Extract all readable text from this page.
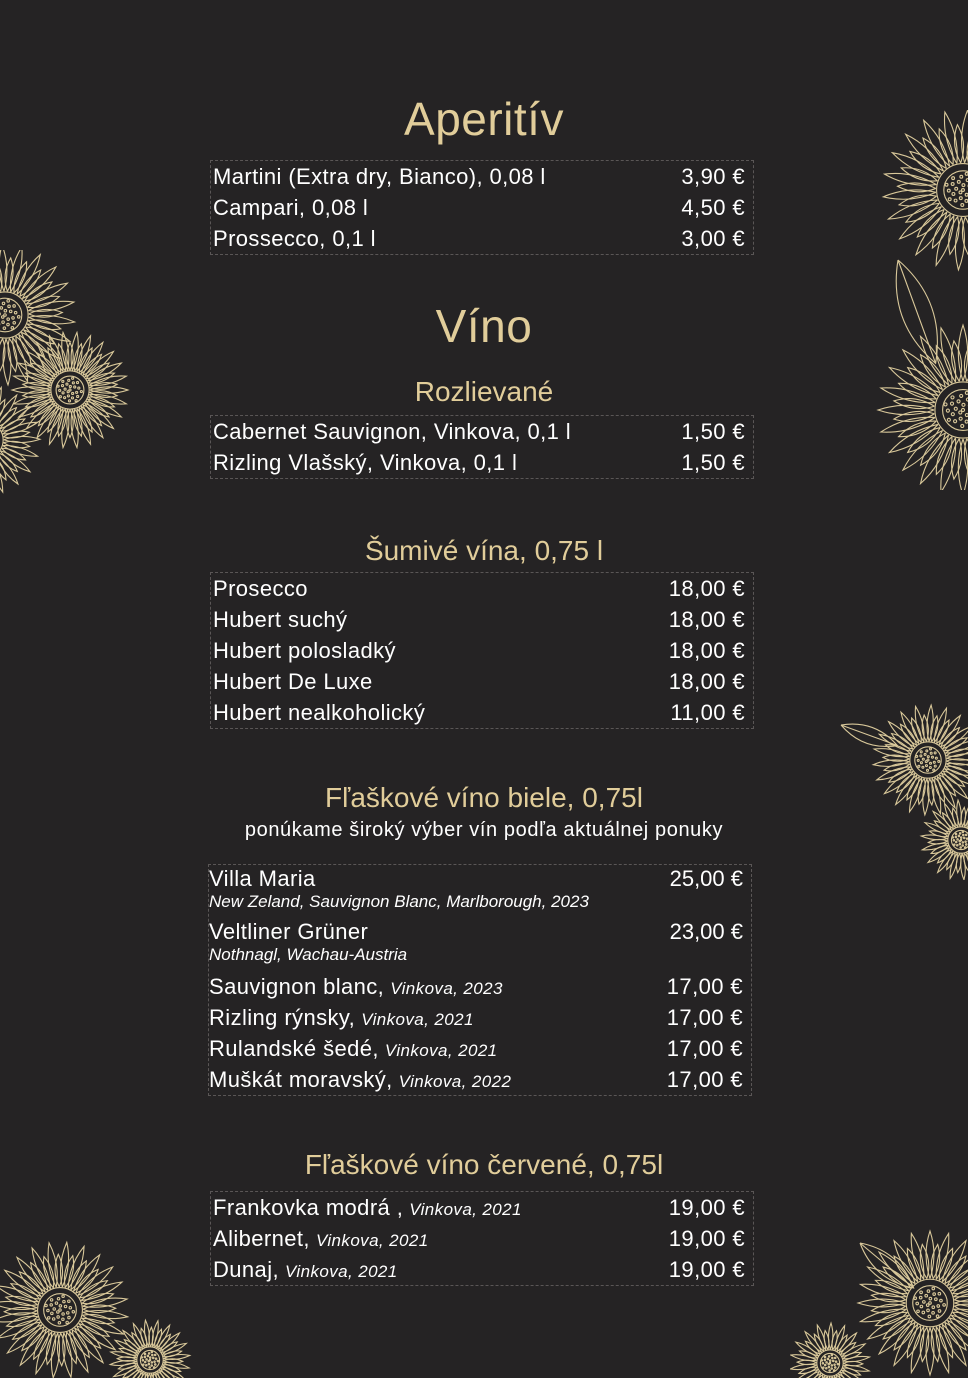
Aperitív
Martini (Extra dry, Bianco), 0,08 l	3,90 €
Campari, 0,08 l	4,50 €
Prossecco, 0,1 l	3,00 €
Víno
Rozlievané
Cabernet Sauvignon, Vinkova, 0,1 l	1,50 €
Rizling Vlašský, Vinkova, 0,1 l	1,50 €
Šumivé vína, 0,75 l
Prosecco	18,00 €
Hubert suchý	18,00 €
Hubert polosladký	18,00 €
Hubert De Luxe	18,00 €
Hubert nealkoholický	11,00 €
Fľaškové víno biele, 0,75l
ponúkame široký výber vín podľa aktuálnej ponuky
Villa Maria	25,00 €
New Zeland, Sauvignon Blanc, Marlborough, 2023
Veltliner Grüner	23,00 €
Nothnagl, Wachau-Austria
Sauvignon blanc, Vinkova, 2023	17,00 €
Rizling rýnsky, Vinkova, 2021	17,00 €
Rulandské šedé, Vinkova, 2021	17,00 €
Muškát moravský, Vinkova, 2022	17,00 €
Fľaškové víno červené, 0,75l
Frankovka modrá , Vinkova, 2021	19,00 €
Alibernet, Vinkova, 2021	19,00 €
Dunaj, Vinkova, 2021	19,00 €
